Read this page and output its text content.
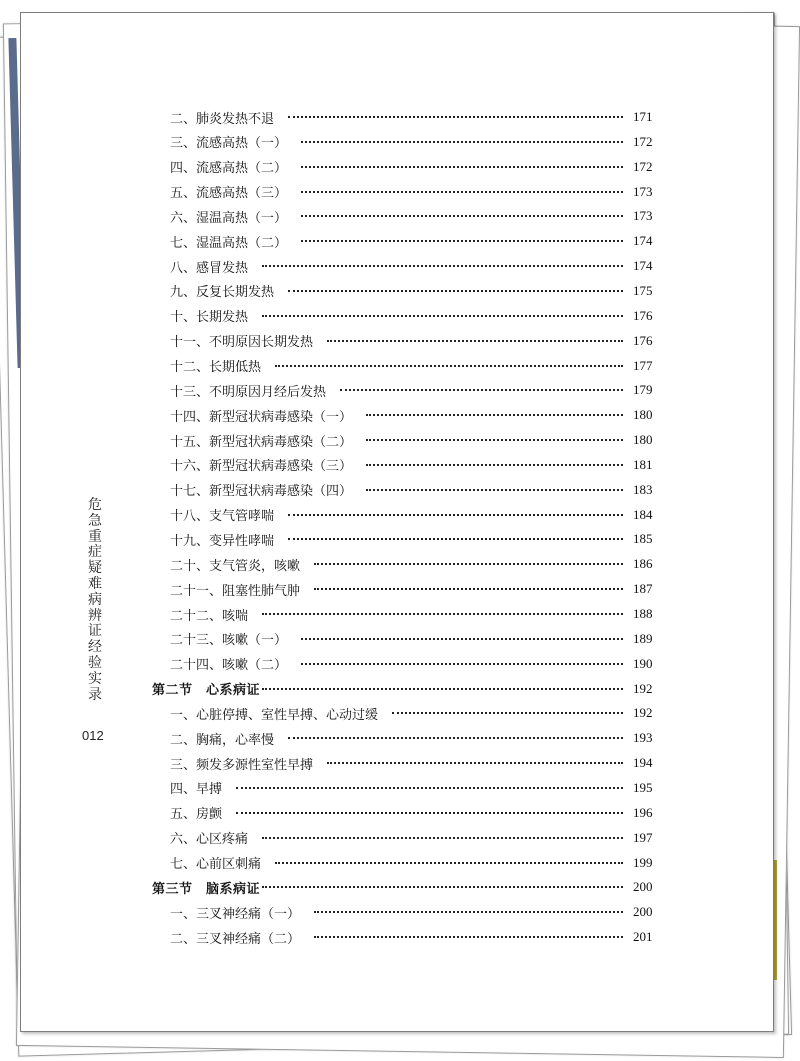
危
急
重
症
疑
难
病
辨
证
经
验
实
录
012
二、肺炎发热不退	171
三、流感高热（一）	172
四、流感高热（二）	172
五、流感高热（三）	173
六、湿温高热（一）	173
七、湿温高热（二）	174
八、感冒发热	174
九、反复长期发热	175
十、长期发热	176
十一、不明原因长期发热	176
十二、长期低热	177
十三、不明原因月经后发热	179
十四、新型冠状病毒感染（一）	180
十五、新型冠状病毒感染（二）	180
十六、新型冠状病毒感染（三）	181
十七、新型冠状病毒感染（四）	183
十八、支气管哮喘	184
十九、变异性哮喘	185
二十、支气管炎，咳嗽	186
二十一、阻塞性肺气肿	187
二十二、咳喘	188
二十三、咳嗽（一）	189
二十四、咳嗽（二）	190
第二节　心系病证	192
一、心脏停搏、室性早搏、心动过缓	192
二、胸痛，心率慢	193
三、频发多源性室性早搏	194
四、早搏	195
五、房颤	196
六、心区疼痛	197
七、心前区刺痛	199
第三节　脑系病证	200
一、三叉神经痛（一）	200
二、三叉神经痛（二）	201
